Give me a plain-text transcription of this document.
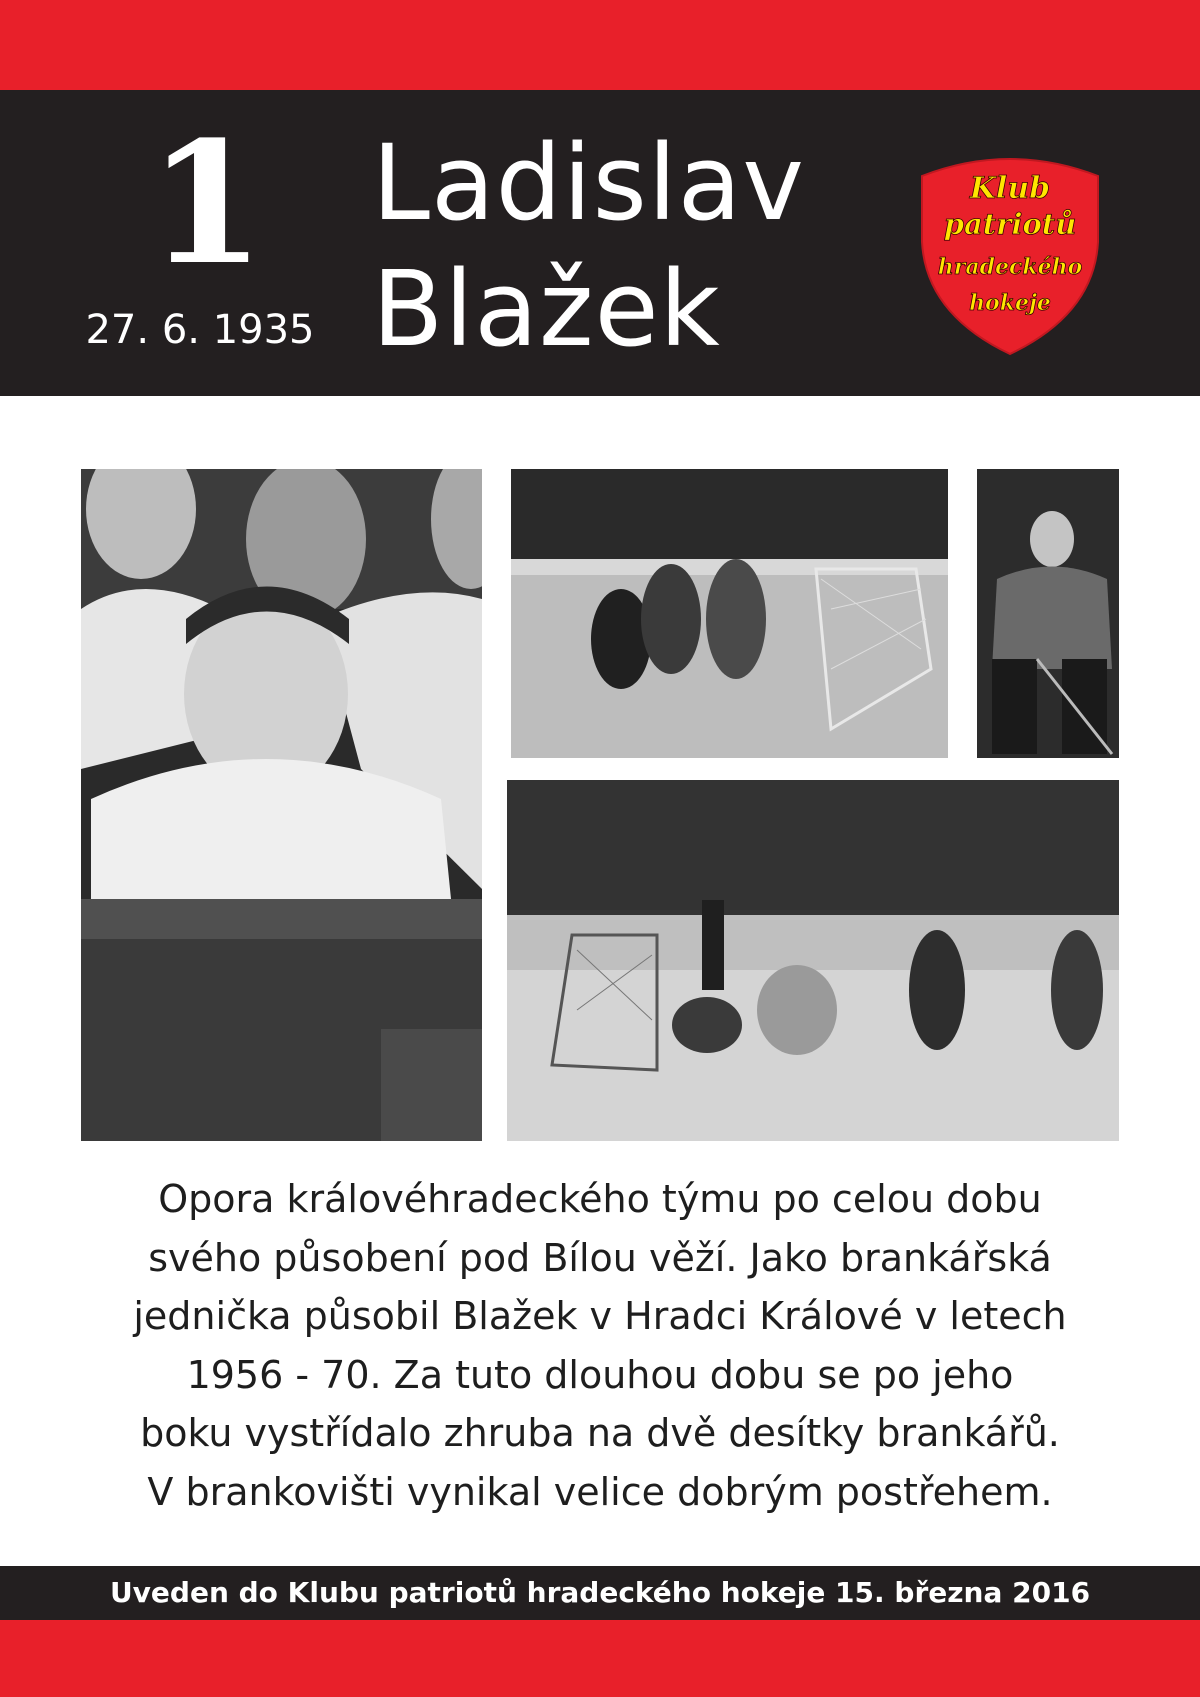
1
27. 6. 1935
Ladislav
Blažek
Klub
patriotů
hradeckého
hokeje
Opora královéhradeckého týmu po celou dobu
svého působení pod Bílou věží. Jako brankářská
jednička působil Blažek v Hradci Králové v letech
1956 - 70. Za tuto dlouhou dobu se po jeho
boku vystřídalo zhruba na dvě desítky brankářů.
V brankovišti vynikal velice dobrým postřehem.
Uveden do Klubu patriotů hradeckého hokeje 15. března 2016
